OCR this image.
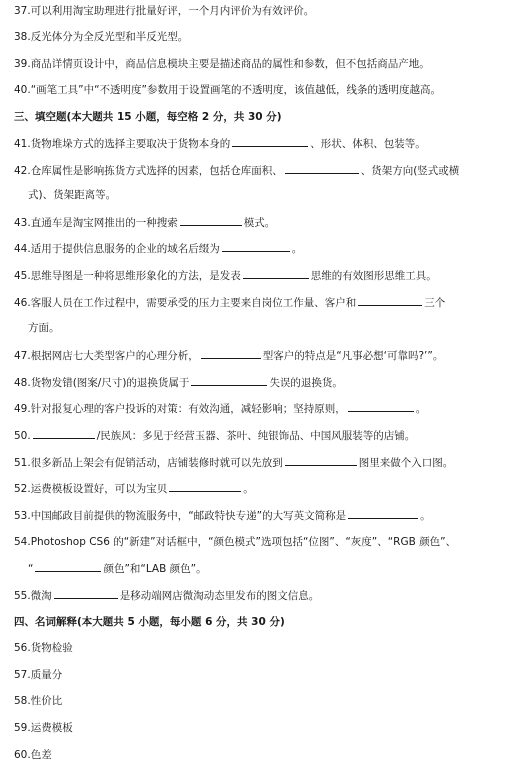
37.可以利用淘宝助理进行批量好评，一个月内评价为有效评价。
38.反光体分为全反光型和半反光型。
39.商品详情页设计中，商品信息模块主要是描述商品的属性和参数，但不包括商品产地。
40.“画笔工具”中“不透明度”参数用于设置画笔的不透明度，该值越低，线条的透明度越高。
三、填空题(本大题共 15 小题，每空格 2 分，共 30 分)
41.货物堆垛方式的选择主要取决于货物本身的	、形状、体积、包装等。
42.仓库属性是影响拣货方式选择的因素，包括仓库面积、	、货架方向(竖式或横
式)、货架距离等。
43.直通车是淘宝网推出的一种搜索	模式。
44.适用于提供信息服务的企业的域名后缀为	。
45.思维导图是一种将思维形象化的方法，是发表	思维的有效图形思维工具。
46.客服人员在工作过程中，需要承受的压力主要来自岗位工作量、客户和	三个
方面。
47.根据网店七大类型客户的心理分析，	型客户的特点是“凡事必想‘可靠吗?’”。
48.货物发错(图案/尺寸)的退换货属于	失误的退换货。
49.针对报复心理的客户投诉的对策：有效沟通，减轻影响；坚持原则，	。
50.	/民族风：多见于经营玉器、茶叶、纯银饰品、中国风服装等的店铺。
51.很多新品上架会有促销活动，店铺装修时就可以先放到	图里来做个入口图。
52.运费模板设置好，可以为宝贝	。
53.中国邮政目前提供的物流服务中，“邮政特快专递”的大写英文简称是	。
54.Photoshop CS6 的“新建”对话框中，“颜色模式”选项包括“位图”、“灰度”、“RGB 颜色”、
“	颜色”和“LAB 颜色”。
55.微淘	是移动端网店微淘动态里发布的图文信息。
四、名词解释(本大题共 5 小题，每小题 6 分，共 30 分)
56.货物检验
57.质量分
58.性价比
59.运费模板
60.色差
